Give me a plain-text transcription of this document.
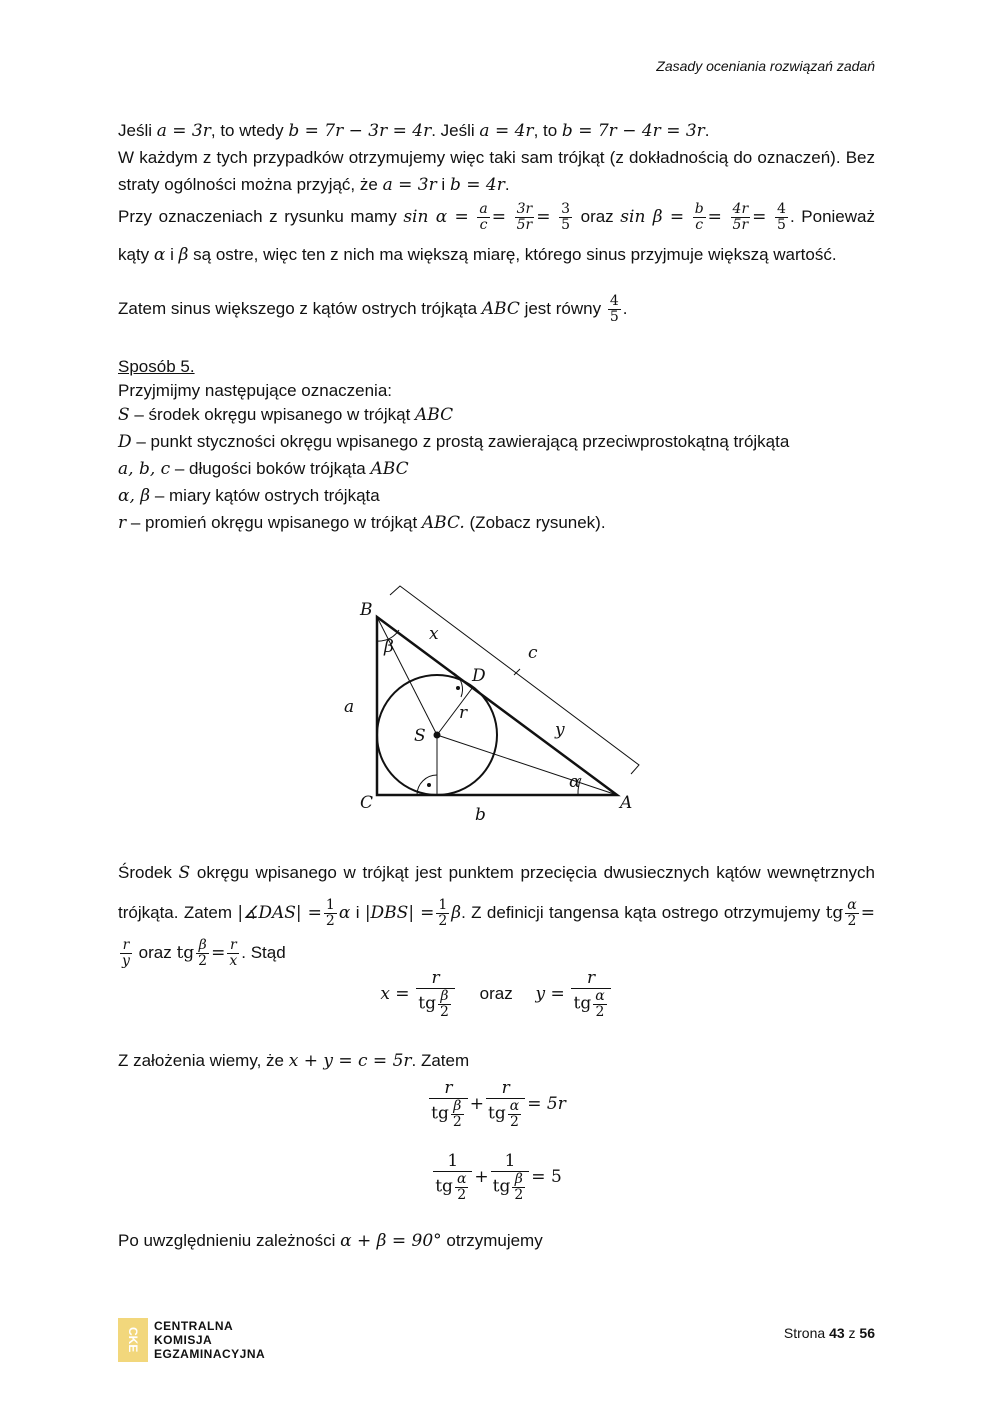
Zasady oceniania rozwiązań zadań
Jeśli a = 3r, to wtedy b = 7r − 3r = 4r. Jeśli a = 4r, to b = 7r − 4r = 3r.
W każdym z tych przypadków otrzymujemy więc taki sam trójkąt (z dokładnością do oznaczeń). Bez straty ogólności można przyjąć, że a = 3r i b = 4r.
Przy oznaczeniach z rysunku mamy $\sin \alpha = \frac{a}{c} = \frac{3r}{5r} = \frac{3}{5}$ oraz $\sin \beta = \frac{b}{c} = \frac{4r}{5r} = \frac{4}{5}$ . Ponieważ kąty α i β są ostre, więc ten z nich ma większą miarę, którego sinus przyjmuje większą wartość.
Zatem sinus większego z kątów ostrych trójkąta ABC jest równy $\frac{4}{5}$ .
Sposób 5.
Przyjmijmy następujące oznaczenia:
S – środek okręgu wpisanego w trójkąt ABC
D – punkt styczności okręgu wpisanego z prostą zawierającą przeciwprostokątną trójkąta
a, b, c – długości boków trójkąta ABC
α, β – miary kątów ostrych trójkąta
r – promień okręgu wpisanego w trójkąt ABC. (Zobacz rysunek).
B
C	A
S
D
a
b
c
x
y
r
α
β
Środek S okręgu wpisanego w trójkąt jest punktem przecięcia dwusiecznych kątów wewnętrznych trójkąta. Zatem |∡DAS| = $\frac{1}{2}$ α i $|DBS| = \frac{1}{2} \beta$. Z definicji tangensa kąta ostrego otrzymujemy tg $\frac{\alpha}{2}$ =
$\frac{r}{y}$ oraz tg $\frac{\beta}{2} = \frac{r}{x}$ . Stąd
$x = \frac{r}{tg \frac{\beta}{2}}$ oraz $y = \frac{r}{tg \frac{\alpha}{2}}$
Z założenia wiemy, że x + y = c = 5r. Zatem
$\frac{r}{tg \frac{\beta}{2}} + \frac{r}{tg \frac{\alpha}{2}} = 5r$
$\frac{1}{tg \frac{\alpha}{2}} + \frac{1}{tg \frac{\beta}{2}} = 5$
Po uwzględnieniu zależności α + β = 90° otrzymujemy
CKE
CENTRALNA
KOMISJA
EGZAMINACYJNA
Strona 43 z 56
